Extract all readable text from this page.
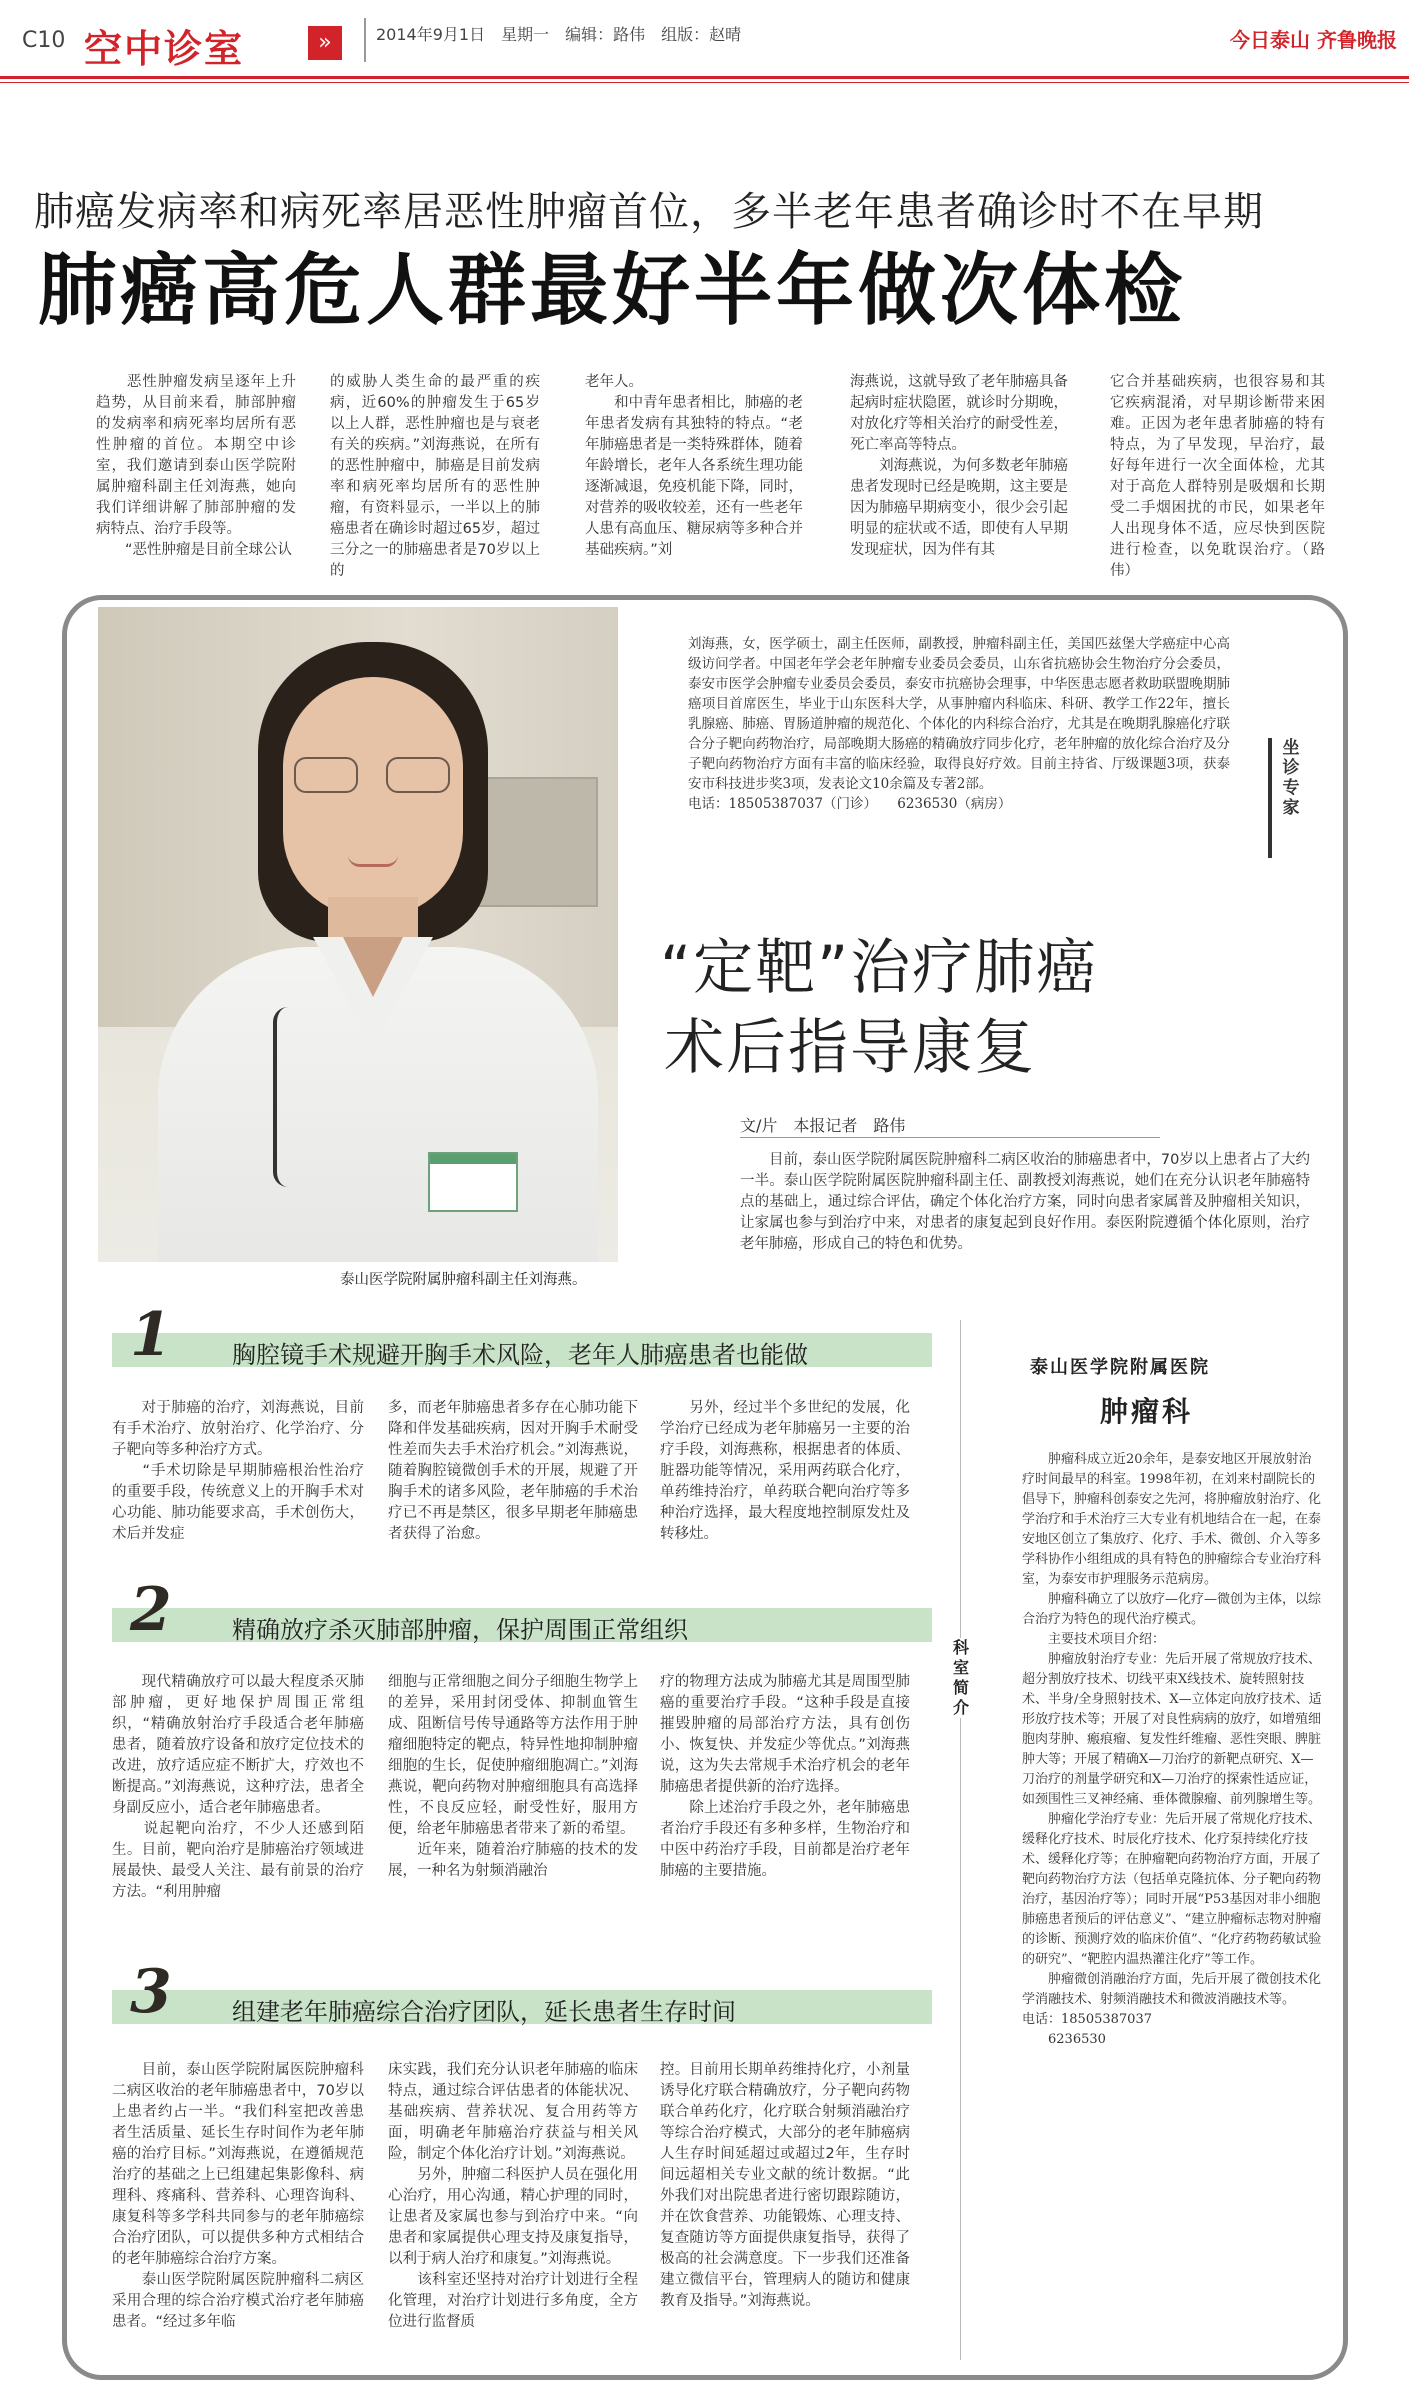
C10 空中诊室	»	2014年9月1日　星期一　编辑：路伟　组版：赵晴	今日泰山 齐鲁晚报
肺癌发病率和病死率居恶性肿瘤首位，多半老年患者确诊时不在早期
肺癌高危人群最好半年做次体检
　　恶性肿瘤发病呈逐年上升趋势，从目前来看，肺部肿瘤的发病率和病死率均居所有恶性肿瘤的首位。本期空中诊室，我们邀请到泰山医学院附属肿瘤科副主任刘海燕，她向我们详细讲解了肺部肿瘤的发病特点、治疗手段等。
　　“恶性肿瘤是目前全球公认
的威胁人类生命的最严重的疾病，近60%的肿瘤发生于65岁以上人群，恶性肿瘤也是与衰老有关的疾病。”刘海燕说，在所有的恶性肿瘤中，肺癌是目前发病率和病死率均居所有的恶性肿瘤，有资料显示，一半以上的肺癌患者在确诊时超过65岁，超过三分之一的肺癌患者是70岁以上的
老年人。
　　和中青年患者相比，肺癌的老年患者发病有其独特的特点。“老年肺癌患者是一类特殊群体，随着年龄增长，老年人各系统生理功能逐渐减退，免疫机能下降，同时，对营养的吸收较差，还有一些老年人患有高血压、糖尿病等多种合并基础疾病。”刘
海燕说，这就导致了老年肺癌具备起病时症状隐匿，就诊时分期晚，对放化疗等相关治疗的耐受性差，死亡率高等特点。
　　刘海燕说，为何多数老年肺癌患者发现时已经是晚期，这主要是因为肺癌早期病变小，很少会引起明显的症状或不适，即使有人早期发现症状，因为伴有其
它合并基础疾病，也很容易和其它疾病混淆，对早期诊断带来困难。正因为老年患者肺癌的特有特点，为了早发现，早治疗，最好每年进行一次全面体检，尤其对于高危人群特别是吸烟和长期受二手烟困扰的市民，如果老年人出现身体不适，应尽快到医院进行检查，以免耽误治疗。（路伟）
泰山医学院附属肿瘤科副主任刘海燕。
刘海燕，女，医学硕士，副主任医师，副教授，肿瘤科副主任，美国匹兹堡大学癌症中心高级访问学者。中国老年学会老年肿瘤专业委员会委员，山东省抗癌协会生物治疗分会委员，泰安市医学会肿瘤专业委员会委员，泰安市抗癌协会理事，中华医患志愿者救助联盟晚期肺癌项目首席医生，毕业于山东医科大学，从事肿瘤内科临床、科研、教学工作22年，擅长乳腺癌、肺癌、胃肠道肿瘤的规范化、个体化的内科综合治疗，尤其是在晚期乳腺癌化疗联合分子靶向药物治疗，局部晚期大肠癌的精确放疗同步化疗，老年肿瘤的放化综合治疗及分子靶向药物治疗方面有丰富的临床经验，取得良好疗效。目前主持省、厅级课题3项，获泰安市科技进步奖3项，发表论文10余篇及专著2部。
电话：18505387037（门诊）　　6236530（病房）
坐诊专家
“定靶”治疗肺癌
术后指导康复
文/片　本报记者　路伟
目前，泰山医学院附属医院肿瘤科二病区收治的肺癌患者中，70岁以上患者占了大约一半。泰山医学院附属医院肿瘤科副主任、副教授刘海燕说，她们在充分认识老年肺癌特点的基础上，通过综合评估，确定个体化治疗方案，同时向患者家属普及肿瘤相关知识，让家属也参与到治疗中来，对患者的康复起到良好作用。泰医附院遵循个体化原则，治疗老年肺癌，形成自己的特色和优势。
1	胸腔镜手术规避开胸手术风险，老年人肺癌患者也能做
　　对于肺癌的治疗，刘海燕说，目前有手术治疗、放射治疗、化学治疗、分子靶向等多种治疗方式。
　　“手术切除是早期肺癌根治性治疗的重要手段，传统意义上的开胸手术对心功能、肺功能要求高，手术创伤大，术后并发症
多，而老年肺癌患者多存在心肺功能下降和伴发基础疾病，因对开胸手术耐受性差而失去手术治疗机会。”刘海燕说，随着胸腔镜微创手术的开展，规避了开胸手术的诸多风险，老年肺癌的手术治疗已不再是禁区，很多早期老年肺癌患者获得了治愈。
　　另外，经过半个多世纪的发展，化学治疗已经成为老年肺癌另一主要的治疗手段，刘海燕称，根据患者的体质、脏器功能等情况，采用两药联合化疗，单药维持治疗，单药联合靶向治疗等多种治疗选择，最大程度地控制原发灶及转移灶。
2	精确放疗杀灭肺部肿瘤，保护周围正常组织
　　现代精确放疗可以最大程度杀灭肺部肿瘤，更好地保护周围正常组织，“精确放射治疗手段适合老年肺癌患者，随着放疗设备和放疗定位技术的改进，放疗适应症不断扩大，疗效也不断提高。”刘海燕说，这种疗法，患者全身副反应小，适合老年肺癌患者。
　　说起靶向治疗，不少人还感到陌生。目前，靶向治疗是肺癌治疗领域进展最快、最受人关注、最有前景的治疗方法。“利用肿瘤
细胞与正常细胞之间分子细胞生物学上的差异，采用封闭受体、抑制血管生成、阻断信号传导通路等方法作用于肿瘤细胞特定的靶点，特异性地抑制肿瘤细胞的生长，促使肿瘤细胞凋亡。”刘海燕说，靶向药物对肿瘤细胞具有高选择性，不良反应轻，耐受性好，服用方便，给老年肺癌患者带来了新的希望。
　　近年来，随着治疗肺癌的技术的发展，一种名为射频消融治
疗的物理方法成为肺癌尤其是周围型肺癌的重要治疗手段。“这种手段是直接摧毁肿瘤的局部治疗方法，具有创伤小、恢复快、并发症少等优点。”刘海燕说，这为失去常规手术治疗机会的老年肺癌患者提供新的治疗选择。
　　除上述治疗手段之外，老年肺癌患者治疗手段还有多种多样，生物治疗和中医中药治疗手段，目前都是治疗老年肺癌的主要措施。
3	组建老年肺癌综合治疗团队，延长患者生存时间
　　目前，泰山医学院附属医院肿瘤科二病区收治的老年肺癌患者中，70岁以上患者约占一半。“我们科室把改善患者生活质量、延长生存时间作为老年肺癌的治疗目标。”刘海燕说，在遵循规范治疗的基础之上已组建起集影像科、病理科、疼痛科、营养科、心理咨询科、康复科等多学科共同参与的老年肺癌综合治疗团队，可以提供多种方式相结合的老年肺癌综合治疗方案。
　　泰山医学院附属医院肿瘤科二病区采用合理的综合治疗模式治疗老年肺癌患者。“经过多年临
床实践，我们充分认识老年肺癌的临床特点，通过综合评估患者的体能状况、基础疾病、营养状况、复合用药等方面，明确老年肺癌治疗获益与相关风险，制定个体化治疗计划。”刘海燕说。
　　另外，肿瘤二科医护人员在强化用心治疗，用心沟通，精心护理的同时，让患者及家属也参与到治疗中来。“向患者和家属提供心理支持及康复指导，以利于病人治疗和康复。”刘海燕说。
　　该科室还坚持对治疗计划进行全程化管理，对治疗计划进行多角度，全方位进行监督质
控。目前用长期单药维持化疗，小剂量诱导化疗联合精确放疗，分子靶向药物联合单药化疗，化疗联合射频消融治疗等综合治疗模式，大部分的老年肺癌病人生存时间延超过或超过2年，生存时间远超相关专业文献的统计数据。“此外我们对出院患者进行密切跟踪随访，并在饮食营养、功能锻炼、心理支持、复查随访等方面提供康复指导，获得了极高的社会满意度。下一步我们还准备建立微信平台，管理病人的随访和健康教育及指导。”刘海燕说。
科室简介
泰山医学院附属医院
肿瘤科
　　肿瘤科成立近20余年，是泰安地区开展放射治疗时间最早的科室。1998年初，在刘来村副院长的倡导下，肿瘤科创泰安之先河，将肿瘤放射治疗、化学治疗和手术治疗三大专业有机地结合在一起，在泰安地区创立了集放疗、化疗、手术、微创、介入等多学科协作小组组成的具有特色的肿瘤综合专业治疗科室，为泰安市护理服务示范病房。
　　肿瘤科确立了以放疗—化疗—微创为主体，以综合治疗为特色的现代治疗模式。
　　主要技术项目介绍：
　　肿瘤放射治疗专业：先后开展了常规放疗技术、超分割放疗技术、切线平束X线技术、旋转照射技术、半身/全身照射技术、X—立体定向放疗技术、适形放疗技术等；开展了对良性病病的放疗，如增殖细胞肉芽肿、瘢痕瘤、复发性纤维瘤、恶性突眼、脾脏肿大等；开展了精确X—刀治疗的新靶点研究、X—刀治疗的剂量学研究和X—刀治疗的探索性适应证，如颈围性三叉神经痛、垂体微腺瘤、前列腺增生等。
　　肿瘤化学治疗专业：先后开展了常规化疗技术、缓释化疗技术、时辰化疗技术、化疗泵持续化疗技术、缓释化疗等；在肿瘤靶向药物治疗方面，开展了靶向药物治疗方法（包括单克隆抗体、分子靶向药物治疗，基因治疗等）；同时开展“P53基因对非小细胞肺癌患者预后的评估意义”、“建立肿瘤标志物对肿瘤的诊断、预测疗效的临床价值”、“化疗药物药敏试验的研究”、“靶腔内温热灌注化疗”等工作。
　　肿瘤微创消融治疗方面，先后开展了微创技术化学消融技术、射频消融技术和微波消融技术等。
电话：18505387037
　　6236530
